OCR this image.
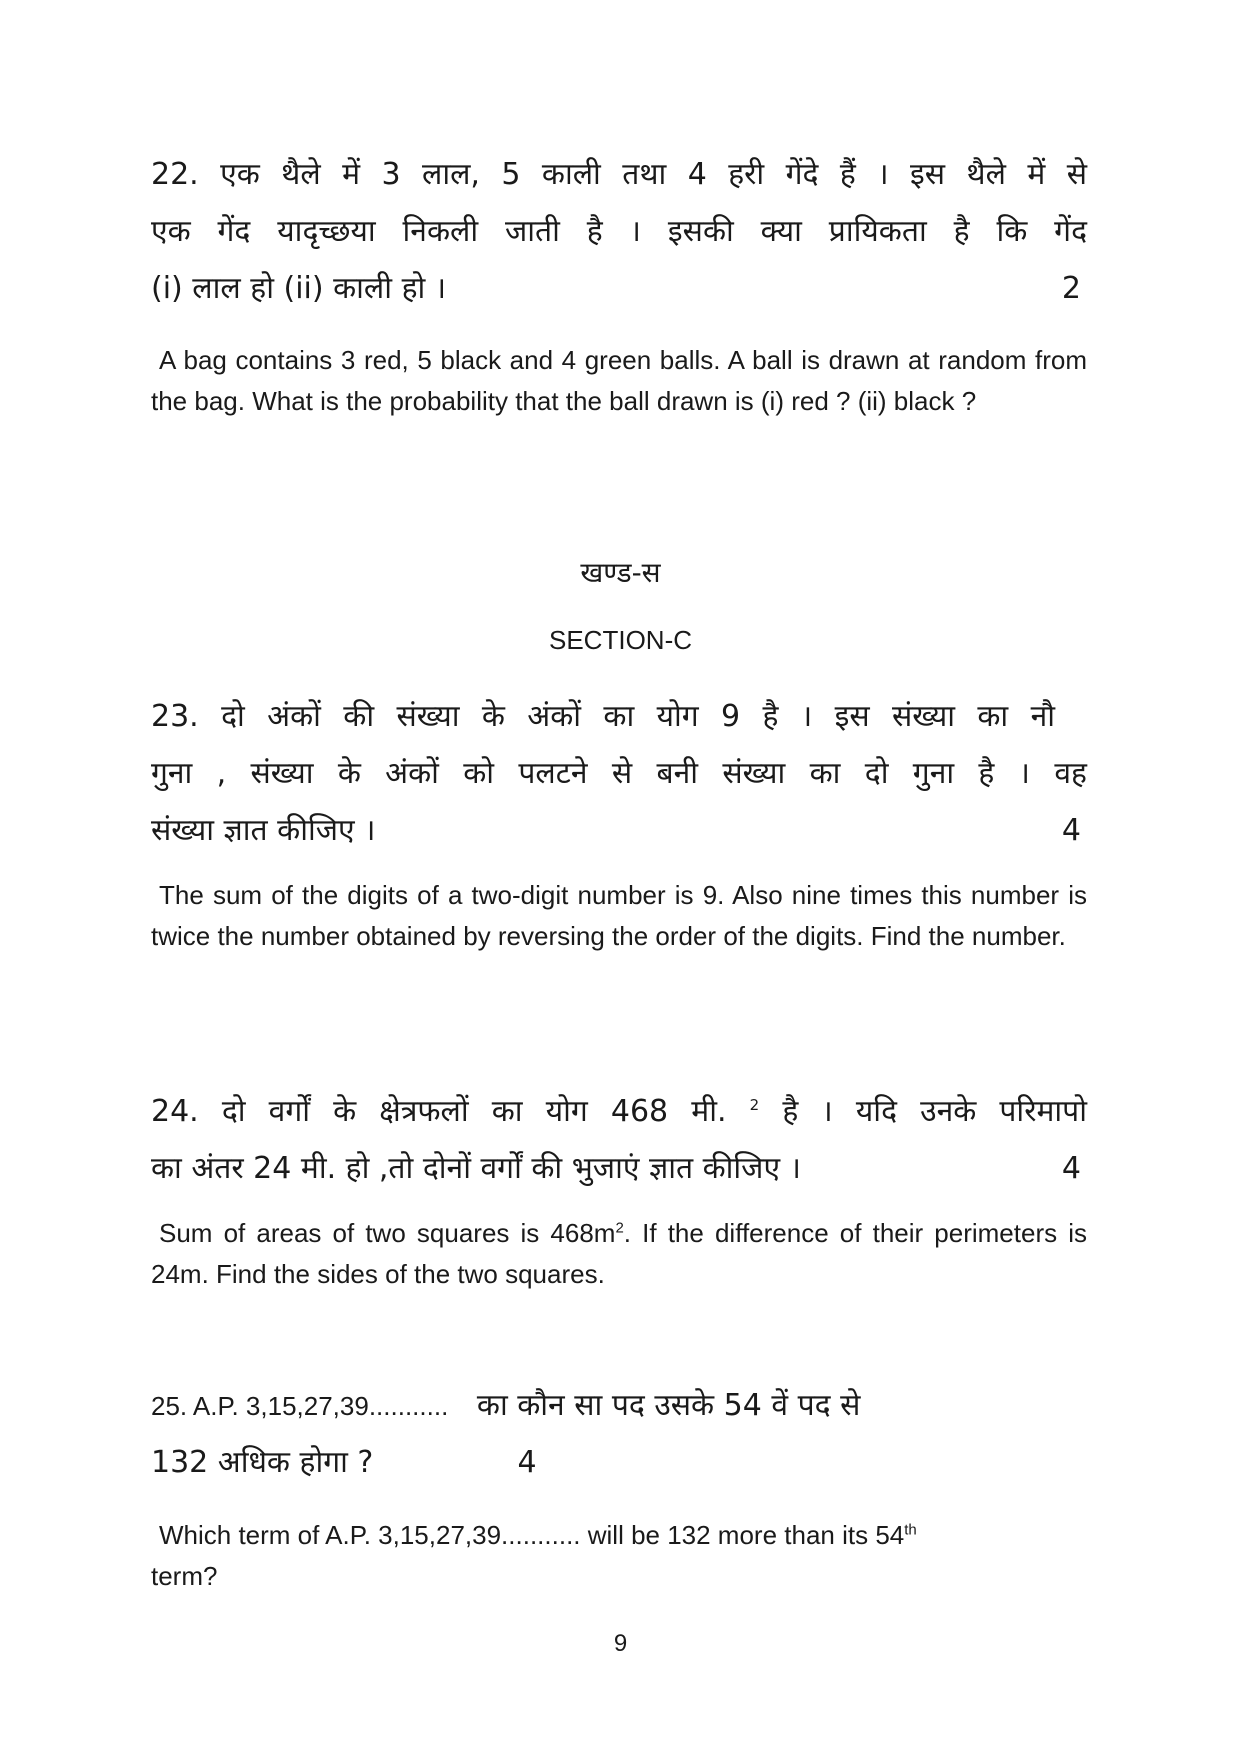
22. एक थैले में 3 लाल, 5 काली तथा 4 हरी गेंदे हैं । इस थैले में से
एक गेंद यादृच्छया निकली जाती है । इसकी क्या प्रायिकता है कि गेंद
(i) लाल हो (ii) काली हो ।	2

A bag contains 3 red, 5 black and 4 green balls. A ball is drawn at random from the bag. What is the probability that the ball drawn is (i) red ? (ii) black ?

खण्ड-स

SECTION-C

23. दो अंकों की संख्या के अंकों का योग 9 है । इस संख्या का नौ
गुना , संख्या के अंकों को पलटने से बनी संख्या का दो गुना है । वह
संख्या ज्ञात कीजिए ।	4

The sum of the digits of a two-digit number is 9. Also nine times this number is twice the number obtained by reversing the order of the digits. Find the number.

24. दो वर्गों के क्षेत्रफलों का योग 468 मी. $^2$ है । यदि उनके परिमापो
का अंतर 24 मी. हो ,तो दोनों वर्गों की भुजाएं ज्ञात कीजिए ।	4

Sum of areas of two squares is $468m^2$. If the difference of their perimeters is 24m. Find the sides of the two squares.

25. A.P. 3,15,27,39........... का कौन सा पद उसके 54 वें पद से

132 अधिक होगा ?	4

Which term of A.P. 3,15,27,39........... will be 132 more than its 54th
term?

9
